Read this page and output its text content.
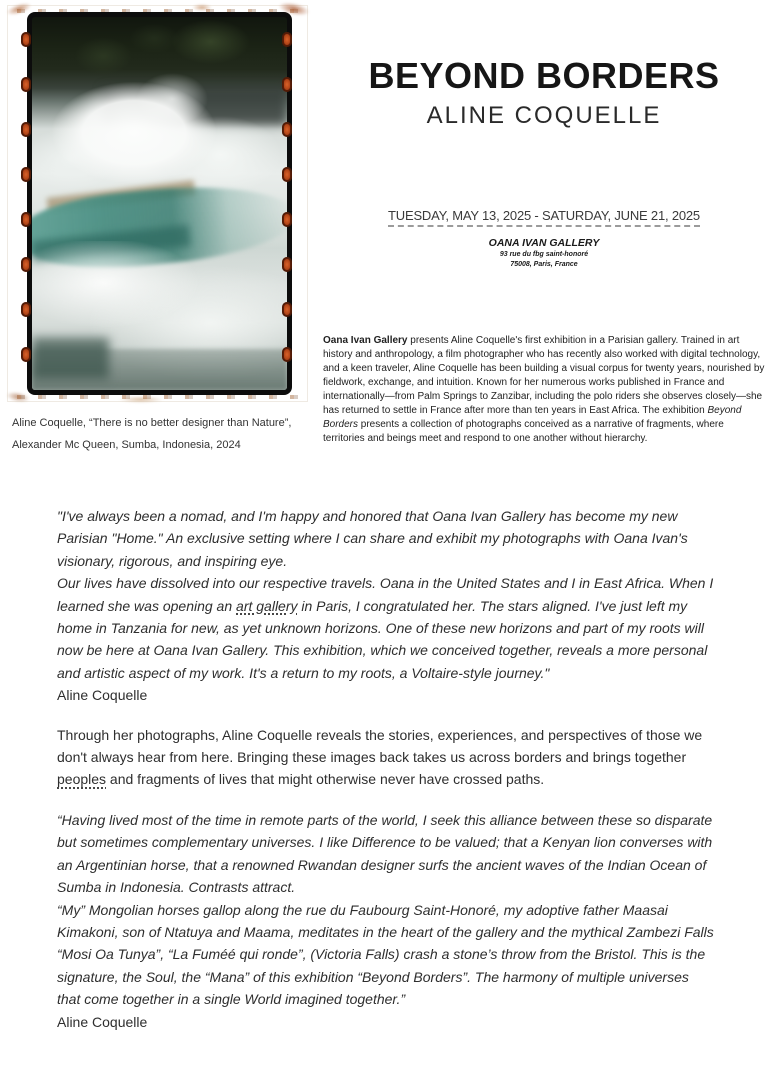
Aline Coquelle, “There is no better designer than Nature”,
Alexander Mc Queen, Sumba, Indonesia, 2024
BEYOND BORDERS
ALINE COQUELLE
TUESDAY, MAY 13, 2025 - SATURDAY, JUNE 21, 2025
OANA IVAN GALLERY
93 rue du fbg saint-honoré
75008, Paris, France

Oana Ivan Gallery presents Aline Coquelle's first exhibition in a Parisian gallery. Trained in art history and anthropology, a film photographer who has recently also worked with digital technology, and a keen traveler, Aline Coquelle has been building a visual corpus for twenty years, nourished by fieldwork, exchange, and intuition. Known for her numerous works published in France and internationally—from Palm Springs to Zanzibar, including the polo riders she observes closely—she has returned to settle in France after more than ten years in East Africa. The exhibition Beyond Borders presents a collection of photographs conceived as a narrative of fragments, where territories and beings meet and respond to one another without hierarchy.

"I've always been a nomad, and I'm happy and honored that Oana Ivan Gallery has become my new Parisian "Home." An exclusive setting where I can share and exhibit my photographs with Oana Ivan's visionary, rigorous, and inspiring eye.
Our lives have dissolved into our respective travels. Oana in the United States and I in East Africa. When I learned she was opening an art gallery in Paris, I congratulated her. The stars aligned. I've just left my home in Tanzania for new, as yet unknown horizons. One of these new horizons and part of my roots will now be here at Oana Ivan Gallery. This exhibition, which we conceived together, reveals a more personal and artistic aspect of my work. It's a return to my roots, a Voltaire-style journey."

Aline Coquelle

Through her photographs, Aline Coquelle reveals the stories, experiences, and perspectives of those we don't always hear from here. Bringing these images back takes us across borders and brings together peoples and fragments of lives that might otherwise never have crossed paths.

“Having lived most of the time in remote parts of the world, I seek this alliance between these so disparate but sometimes complementary universes. I like Difference to be valued; that a Kenyan lion converses with an Argentinian horse, that a renowned Rwandan designer surfs the ancient waves of the Indian Ocean of Sumba in Indonesia. Contrasts attract.
“My” Mongolian horses gallop along the rue du Faubourg Saint-Honoré, my adoptive father Maasai Kimakoni, son of Ntatuya and Maama, meditates in the heart of the gallery and the mythical Zambezi Falls “Mosi Oa Tunya”, “La Fuméé qui ronde”, (Victoria Falls) crash a stone’s throw from the Bristol. This is the signature, the Soul, the “Mana” of this exhibition “Beyond Borders”. The harmony of multiple universes that come together in a single World imagined together.”

Aline Coquelle
